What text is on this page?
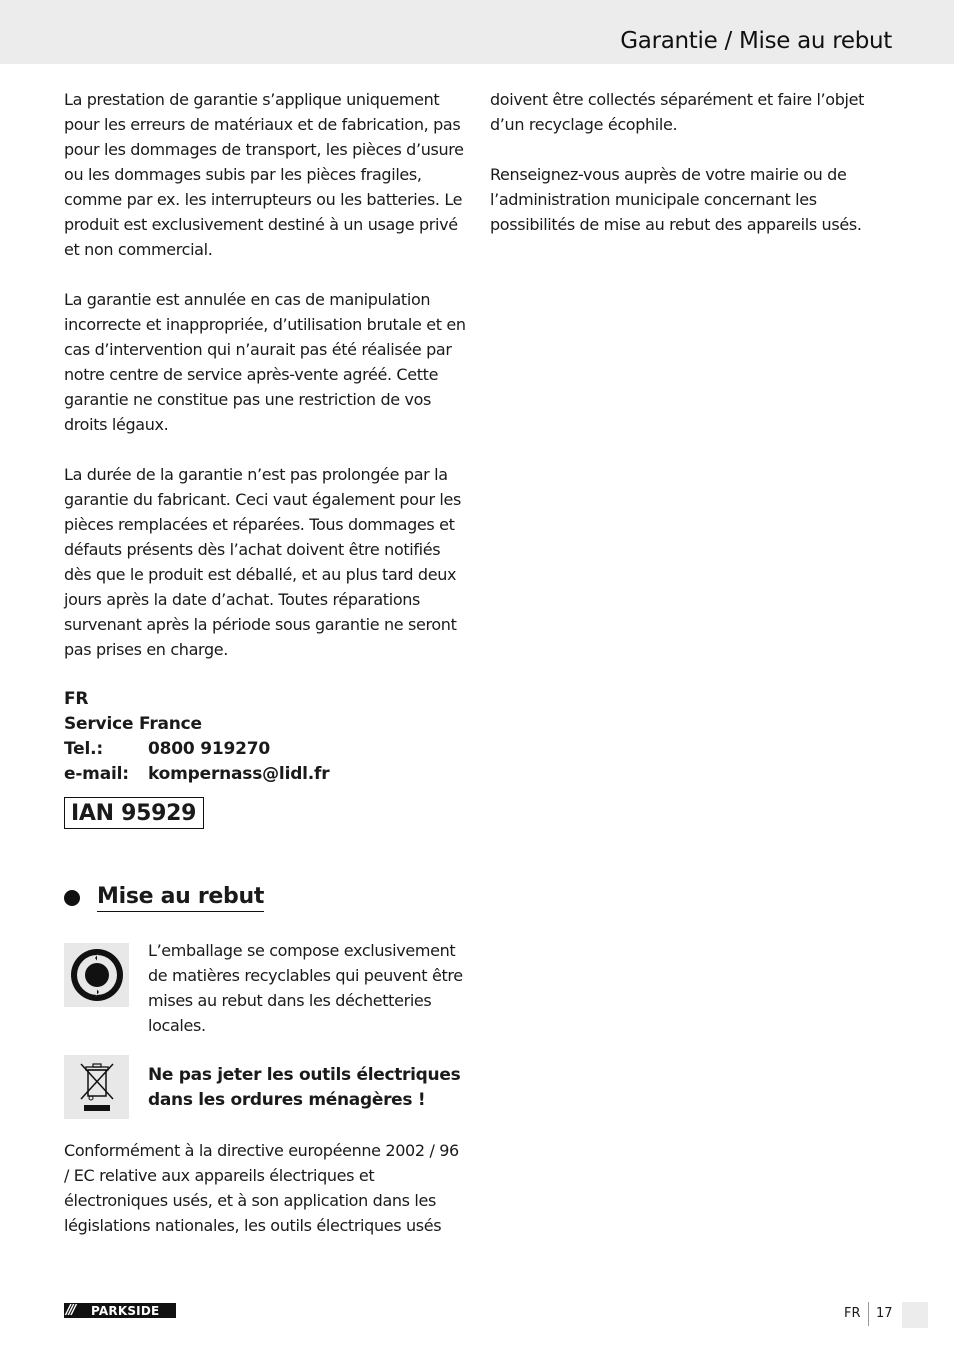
Garantie / Mise au rebut

La prestation de garantie s’applique uniquement pour les erreurs de matériaux et de fabrication, pas pour les dommages de transport, les pièces d’usure ou les dommages subis par les pièces fragiles, comme par ex. les interrupteurs ou les batteries. Le produit est exclusivement destiné à un usage privé et non commercial.

La garantie est annulée en cas de manipulation incorrecte et inappropriée, d’utilisation brutale et en cas d’intervention qui n’aurait pas été réalisée par notre centre de service après-vente agréé. Cette garantie ne constitue pas une restriction de vos droits légaux.

La durée de la garantie n’est pas prolongée par la garantie du fabricant. Ceci vaut également pour les pièces remplacées et réparées. Tous dommages et défauts présents dès l’achat doivent être notifiés dès que le produit est déballé, et au plus tard deux jours après la date d’achat. Toutes réparations survenant après la période sous garantie ne seront pas prises en charge.

FR
Service France
Tel.:	0800 919270
e-mail:	kompernass@lidl.fr
IAN 95929
Mise au rebut
L’emballage se compose exclusivement de matières recyclables qui peuvent être mises au rebut dans les déchetteries locales.
Ne pas jeter les outils électriques dans les ordures ménagères !
Conformément à la directive européenne 2002 / 96 / EC relative aux appareils électriques et électroniques usés, et à son application dans les législations nationales, les outils électriques usés

doivent être collectés séparément et faire l’objet d’un recyclage écophile.

Renseignez-vous auprès de votre mairie ou de l’administration municipale concernant les possibilités de mise au rebut des appareils usés.

///	PARKSIDE	FR 17
